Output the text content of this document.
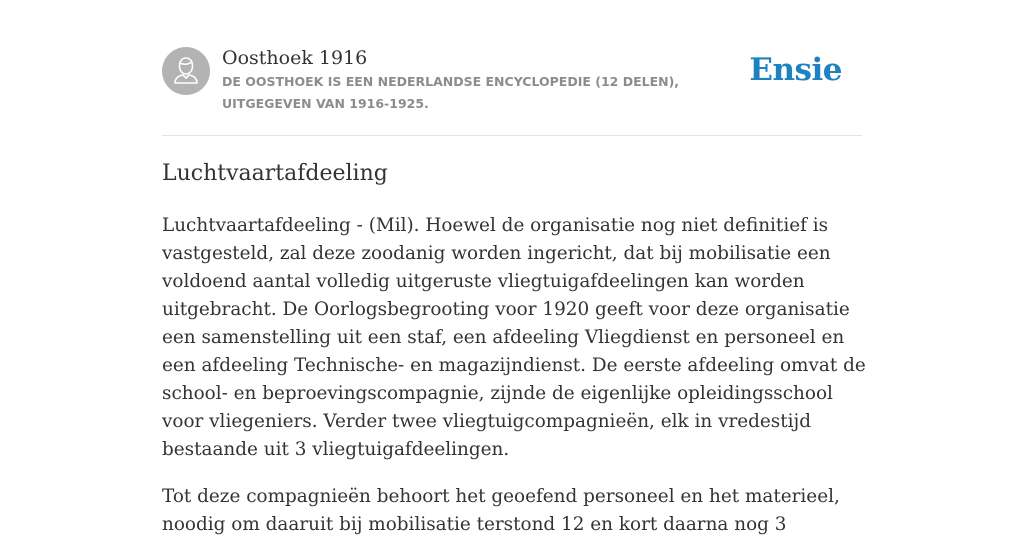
Oosthoek 1916
DE OOSTHOEK IS EEN NEDERLANDSE ENCYCLOPEDIE (12 DELEN), UITGEGEVEN VAN 1916-1925.
Ensie
Luchtvaartafdeeling

Luchtvaartafdeeling - (Mil). Hoewel de organisatie nog niet definitief is vastgesteld, zal deze zoodanig worden ingericht, dat bij mobilisatie een voldoend aantal volledig uitgeruste vliegtuigafdeelingen kan worden uitgebracht. De Oorlogsbegrooting voor 1920 geeft voor deze organisatie een samenstelling uit een staf, een afdeeling Vliegdienst en personeel en een afdeeling Technische- en magazijndienst. De eerste afdeeling omvat de school- en beproevingscompagnie, zijnde de eigenlijke opleidingsschool voor vliegeniers. Verder twee vliegtuigcompagnieën, elk in vredestijd bestaande uit 3 vliegtuigafdeelingen.

Tot deze compagnieën behoort het geoefend personeel en het materieel, noodig om daaruit bij mobilisatie terstond 12 en kort daarna nog 3
